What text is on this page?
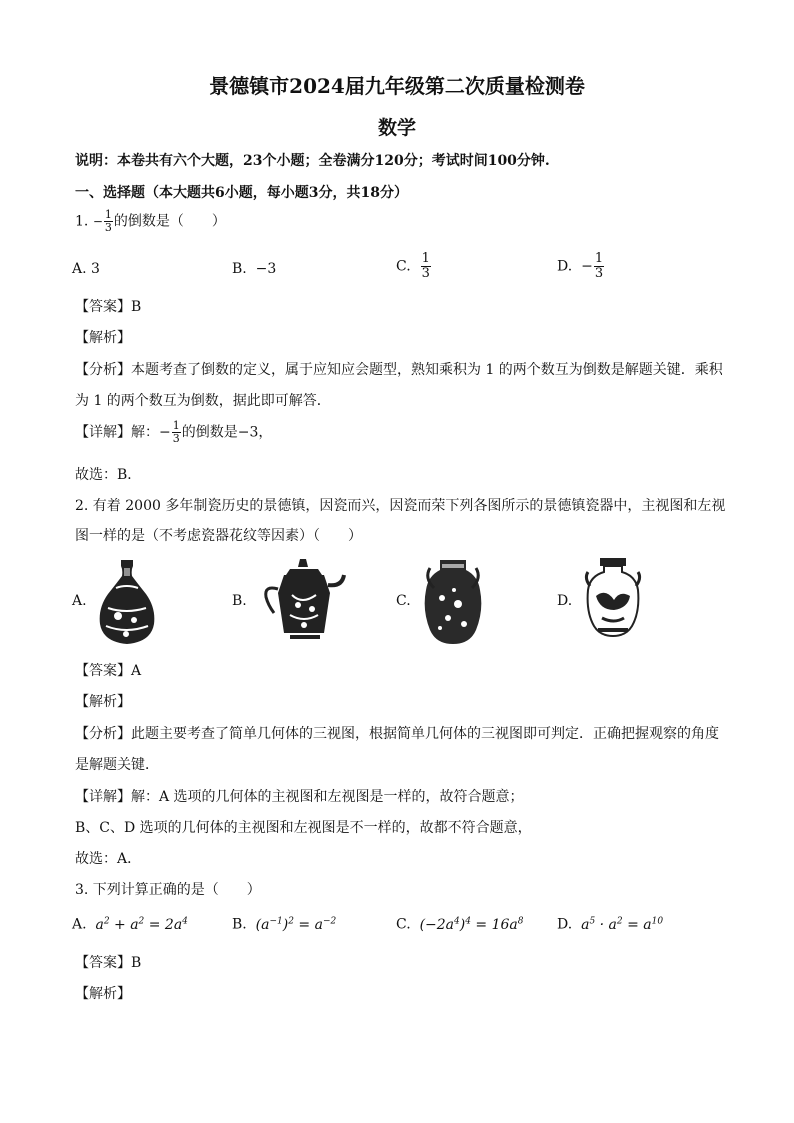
景德镇市2024届九年级第二次质量检测卷
数学
说明：本卷共有六个大题，23个小题；全卷满分120分；考试时间100分钟.
一、选择题（本大题共6小题，每小题3分，共18分）
1. − $\frac{1}{3}$ 的倒数是（　　）
A. 3	B. −3	C. $\frac{1}{3}$	D. − $\frac{1}{3}$
【答案】B
【解析】
【分析】本题考查了倒数的定义，属于应知应会题型，熟知乘积为 1 的两个数互为倒数是解题关键．乘积
为 1 的两个数互为倒数，据此即可解答．
【详解】解：− $\frac{1}{3}$ 的倒数是−3，
故选：B．
2. 有着 2000 多年制瓷历史的景德镇，因瓷而兴，因瓷而荣下列各图所示的景德镇瓷器中，主视图和左视
图一样的是（不考虑瓷器花纹等因素）（　　）
A.	B.	C.	D.
【答案】A
【解析】
【分析】此题主要考查了简单几何体的三视图，根据简单几何体的三视图即可判定．正确把握观察的角度
是解题关键．
【详解】解：A 选项的几何体的主视图和左视图是一样的，故符合题意；
B、C、D 选项的几何体的主视图和左视图是不一样的，故都不符合题意，
故选：A．
3. 下列计算正确的是（　　）
A. $a^2 + a^2 = 2a^4$	B. $(a^{-1})^2 = a^{-2}$	C. $(-2a^4)^4 = 16a^8$ D. $a^5 \cdot a^2 = a^{10}$
【答案】B
【解析】
